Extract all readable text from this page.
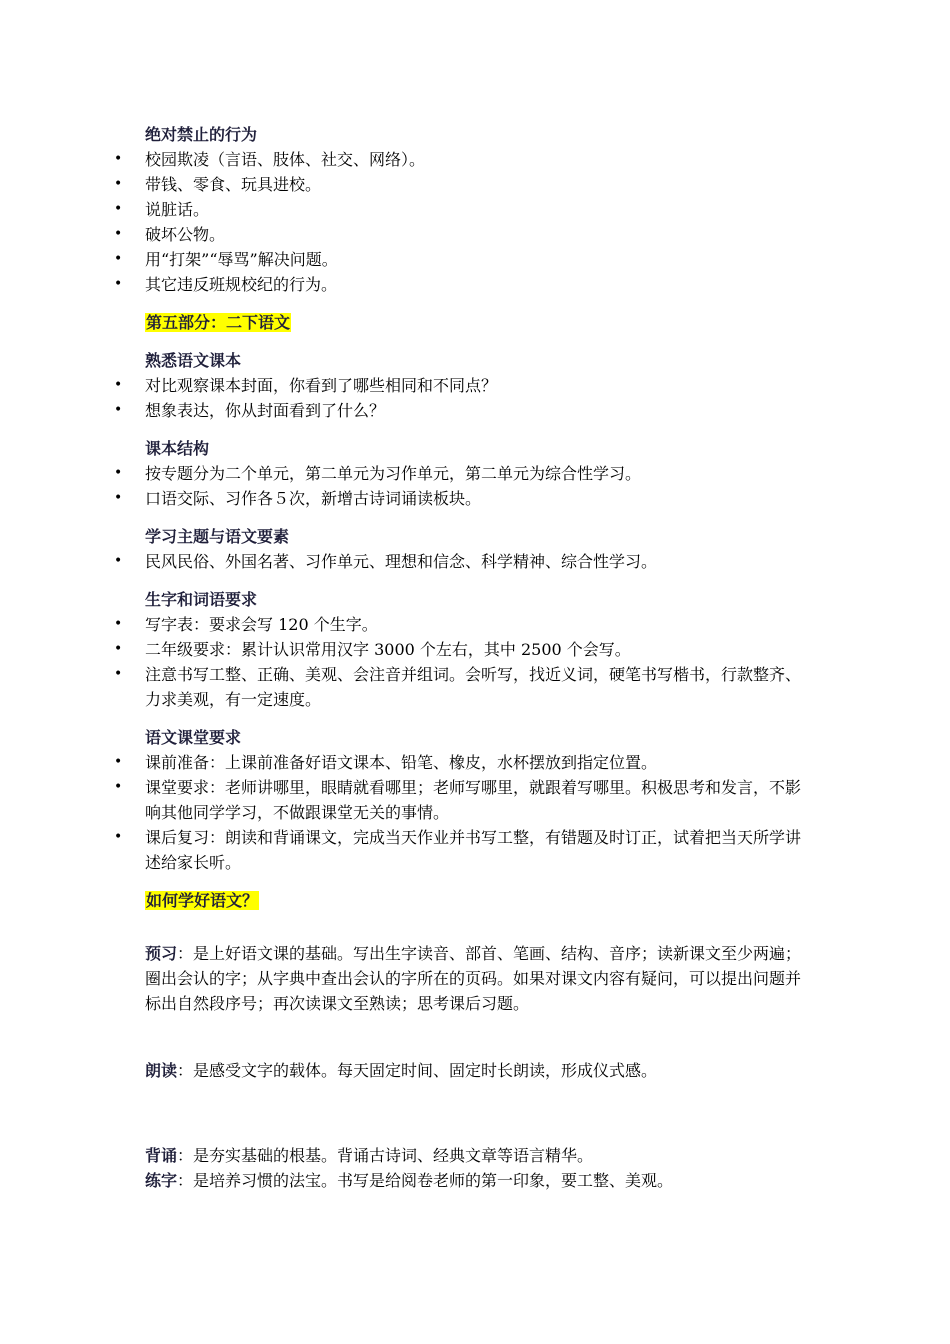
绝对禁止的行为
• 校园欺凌（言语、肢体、社交、网络）。
• 带钱、零食、玩具进校。
• 说脏话。
• 破坏公物。
• 用“打架”“辱骂”解决问题。
• 其它违反班规校纪的行为。
第五部分：二下语文
熟悉语文课本
• 对比观察课本封面，你看到了哪些相同和不同点？
• 想象表达，你从封面看到了什么？
课本结构
• 按专题分为二个单元，第二单元为习作单元，第二单元为综合性学习。
• 口语交际、习作各５次，新增古诗词诵读板块。
学习主题与语文要素
• 民风民俗、外国名著、习作单元、理想和信念、科学精神、综合性学习。
生字和词语要求
• 写字表：要求会写 120 个生字。
• 二年级要求：累计认识常用汉字 3000 个左右，其中 2500 个会写。
• 注意书写工整、正确、美观、会注音并组词。会听写，找近义词，硬笔书写楷书，行款整齐、力求美观，有一定速度。
语文课堂要求
• 课前准备：上课前准备好语文课本、铅笔、橡皮，水杯摆放到指定位置。
• 课堂要求：老师讲哪里，眼睛就看哪里；老师写哪里，就跟着写哪里。积极思考和发言，不影响其他同学学习，不做跟课堂无关的事情。
• 课后复习：朗读和背诵课文，完成当天作业并书写工整，有错题及时订正，试着把当天所学讲述给家长听。
如何学好语文？

预习：是上好语文课的基础。写出生字读音、部首、笔画、结构、音序；读新课文至少两遍；圈出会认的字；从字典中查出会认的字所在的页码。如果对课文内容有疑问，可以提出问题并标出自然段序号；再次读课文至熟读；思考课后习题。

朗读：是感受文字的载体。每天固定时间、固定时长朗读，形成仪式感。

背诵：是夯实基础的根基。背诵古诗词、经典文章等语言精华。

练字：是培养习惯的法宝。书写是给阅卷老师的第一印象，要工整、美观。
